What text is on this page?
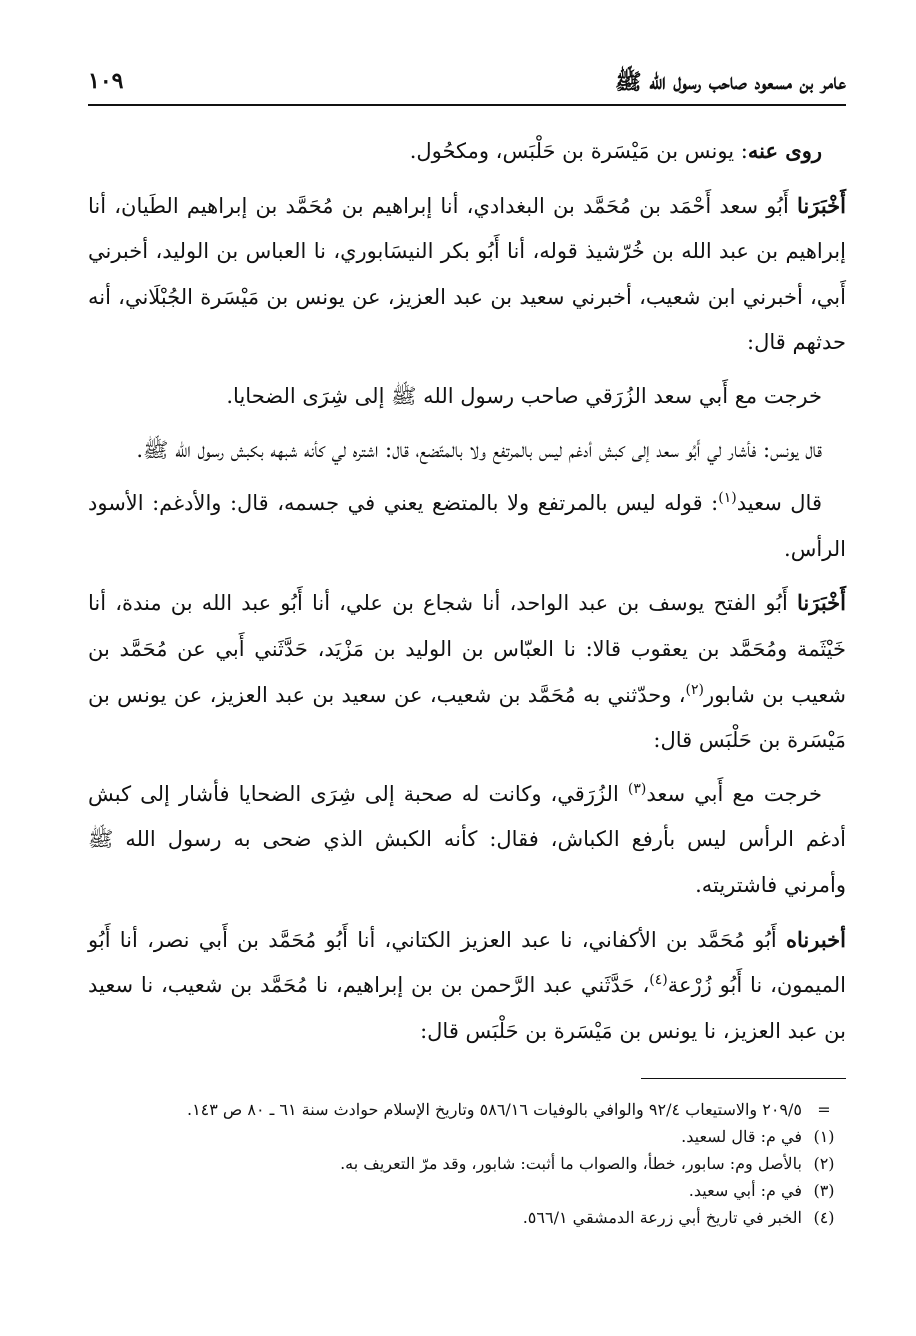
عامر بن مسعود صاحب رسول الله ﷺ
١٠٩

روى عنه: يونس بن مَيْسَرة بن حَلْبَس، ومكحُول.

أَخْبَرَنا أَبُو سعد أَحْمَد بن مُحَمَّد بن البغدادي، أنا إبراهيم بن مُحَمَّد بن إبراهيم الطَيان، أنا إبراهيم بن عبد الله بن خُرّشيذ قوله، أنا أَبُو بكر النيسَابوري، نا العباس بن الوليد، أخبرني أَبي، أخبرني ابن شعيب، أخبرني سعيد بن عبد العزيز، عن يونس بن مَيْسَرة الجُبْلَاني، أنه حدثهم قال:

خرجت مع أَبي سعد الزُرَقي صاحب رسول الله ﷺ إلى شِرَى الضحايا.

قال يونس: فأشار لي أَبُو سعد إلى كبش أدغم ليس بالمرتفع ولا بالمتّضع، قال: اشتره لي كأنه شبهه بكبش رسول الله ﷺ.

قال سعيد$^{(١)}$: قوله ليس بالمرتفع ولا بالمتضع يعني في جسمه، قال: والأدغم: الأسود الرأس.

أَخْبَرَنا أَبُو الفتح يوسف بن عبد الواحد، أنا شجاع بن علي، أنا أَبُو عبد الله بن مندة، أنا خَيْثَمة ومُحَمَّد بن يعقوب قالا: نا العبّاس بن الوليد بن مَزْيَد، حَدَّثَني أَبي عن مُحَمَّد بن شعيب بن شابور$^{(٢)}$، وحدّثني به مُحَمَّد بن شعيب، عن سعيد بن عبد العزيز، عن يونس بن مَيْسَرة بن حَلْبَس قال:

خرجت مع أَبي سعد$^{(٣)}$ الزُرَقي، وكانت له صحبة إلى شِرَى الضحايا فأشار إلى كبش أدغم الرأس ليس بأرفع الكباش، فقال: كأنه الكبش الذي ضحى به رسول الله ﷺ وأمرني فاشتريته.

أخبرناه أَبُو مُحَمَّد بن الأكفاني، نا عبد العزيز الكتاني، أنا أَبُو مُحَمَّد بن أَبي نصر، أنا أَبُو الميمون، نا أَبُو زُرْعة$^{(٤)}$، حَدَّثَني عبد الرَّحمن بن بن إبراهيم، نا مُحَمَّد بن شعيب، نا سعيد بن عبد العزيز، نا يونس بن مَيْسَرة بن حَلْبَس قال:

=
٢٠٩/٥ والاستيعاب ٩٢/٤ والوافي بالوفيات ٥٨٦/١٦ وتاريخ الإسلام حوادث سنة ٦١ ـ ٨٠ ص ١٤٣.
(١)
في م: قال لسعيد.
(٢)
بالأصل وم: سابور، خطأ، والصواب ما أثبت: شابور، وقد مرّ التعريف به.
(٣)
في م: أبي سعيد.
(٤)
الخبر في تاريخ أبي زرعة الدمشقي ٥٦٦/١.
